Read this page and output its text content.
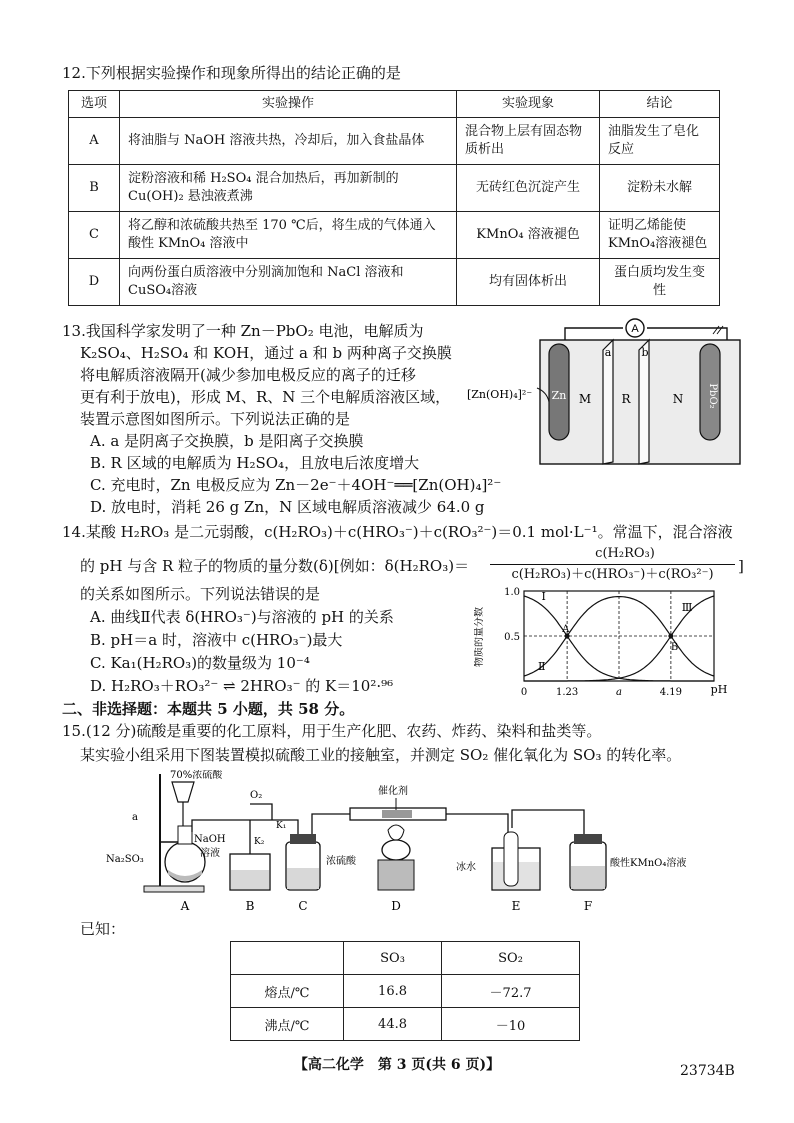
12.下列根据实验操作和现象所得出的结论正确的是
选项	实验操作	实验现象	结论
A	将油脂与 NaOH 溶液共热，冷却后，加入食盐晶体	混合物上层有固态物质析出	油脂发生了皂化反应
B	淀粉溶液和稀 H₂SO₄ 混合加热后，再加新制的 Cu(OH)₂ 悬浊液煮沸	无砖红色沉淀产生	淀粉未水解
C	将乙醇和浓硫酸共热至 170 ℃后，将生成的气体通入酸性 KMnO₄ 溶液中	KMnO₄ 溶液褪色	证明乙烯能使KMnO₄溶液褪色
D	向两份蛋白质溶液中分别滴加饱和 NaCl 溶液和 CuSO₄溶液	均有固体析出	蛋白质均发生变性
13.我国科学家发明了一种 Zn－PbO₂ 电池，电解质为
K₂SO₄、H₂SO₄ 和 KOH，通过 a 和 b 两种离子交换膜
将电解质溶液隔开(减少参加电极反应的离子的迁移
更有利于放电)，形成 M、R、N 三个电解质溶液区域，
装置示意图如图所示。下列说法正确的是
A. a 是阴离子交换膜，b 是阳离子交换膜
B. R 区域的电解质为 H₂SO₄，且放电后浓度增大
C. 充电时，Zn 电极反应为 Zn－2e⁻＋4OH⁻══[Zn(OH)₄]²⁻
D. 放电时，消耗 26 g Zn，N 区域电解质溶液减少 64.0 g
A
a	b
Zn	PbO₂
M	R	N
[Zn(OH)₄]²⁻
14.某酸 H₂RO₃ 是二元弱酸，c(H₂RO₃)＋c(HRO₃⁻)＋c(RO₃²⁻)＝0.1 mol·L⁻¹。常温下，混合溶液
的 pH 与含 R 粒子的物质的量分数(δ)[例如：δ(H₂RO₃)＝
c(H₂RO₃)
c(H₂RO₃)＋c(HRO₃⁻)＋c(RO₃²⁻)	]
的关系如图所示。下列说法错误的是
A. 曲线Ⅱ代表 δ(HRO₃⁻)与溶液的 pH 的关系
B. pH＝a 时，溶液中 c(HRO₃⁻)最大
C. Ka₁(H₂RO₃)的数量级为 10⁻⁴
D. H₂RO₃＋RO₃²⁻ ⇌ 2HRO₃⁻ 的 K＝10²·⁹⁶
物质的量分数 0.5
1.0
0	1.23	a	4.19
Ⅰ
Ⅱ
Ⅲ
A
B
pH
二、非选择题：本题共 5 小题，共 58 分。
15.(12 分)硫酸是重要的化工原料，用于生产化肥、农药、炸药、染料和盐类等。
某实验小组采用下图装置模拟硫酸工业的接触室，并测定 SO₂ 催化氧化为 SO₃ 的转化率。
70%浓硫酸
a
Na₂SO₃
O₂
K₁
K₂
NaOH
溶液
浓硫酸
催化剂
冰水	酸性KMnO₄溶液
A	B	C	D	E	F
已知：
	SO₃	SO₂
熔点/℃	16.8	－72.7
沸点/℃	44.8	－10
【高二化学　第 3 页(共 6 页)】	23734B
